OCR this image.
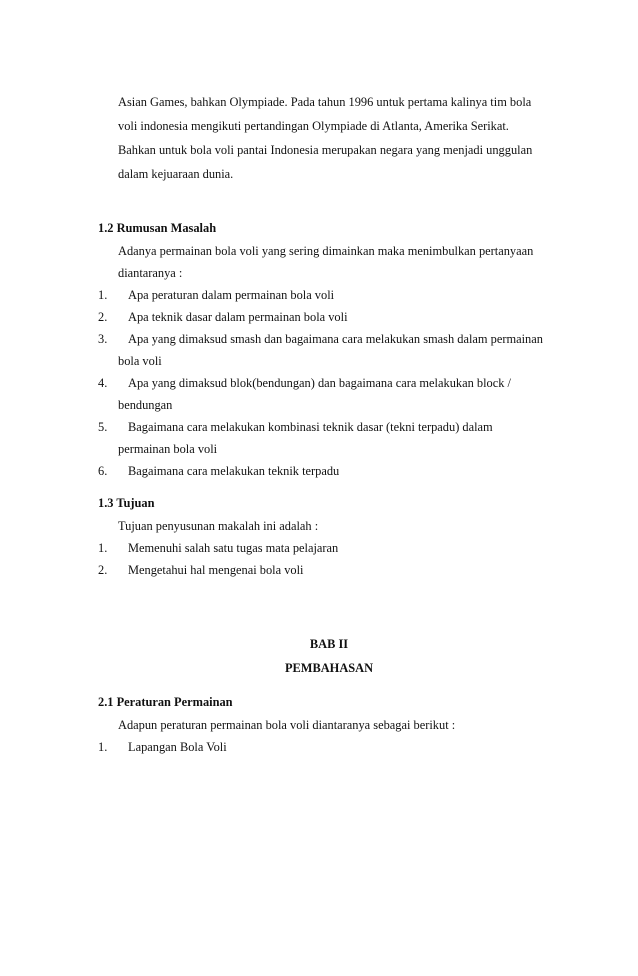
Asian Games, bahkan Olympiade. Pada tahun 1996 untuk pertama kalinya tim bola
voli indonesia mengikuti pertandingan Olympiade di Atlanta, Amerika Serikat.
Bahkan untuk bola voli pantai Indonesia merupakan negara yang menjadi unggulan
dalam kejuaraan dunia.
1.2 Rumusan Masalah
Adanya permainan bola voli yang sering dimainkan maka menimbulkan pertanyaan
diantaranya :
1. Apa peraturan dalam permainan bola voli
2. Apa teknik dasar dalam permainan bola voli
3. Apa yang dimaksud smash dan bagaimana cara melakukan smash dalam permainan
bola voli
4. Apa yang dimaksud blok(bendungan) dan bagaimana cara melakukan block /
bendungan
5. Bagaimana cara melakukan kombinasi teknik dasar (tekni terpadu) dalam
permainan bola voli
6. Bagaimana cara melakukan teknik terpadu
1.3 Tujuan
Tujuan penyusunan makalah ini adalah :
1. Memenuhi salah satu tugas mata pelajaran
2. Mengetahui hal mengenai bola voli
BAB II
PEMBAHASAN
2.1 Peraturan Permainan
Adapun peraturan permainan bola voli diantaranya sebagai berikut :
1. Lapangan Bola Voli
